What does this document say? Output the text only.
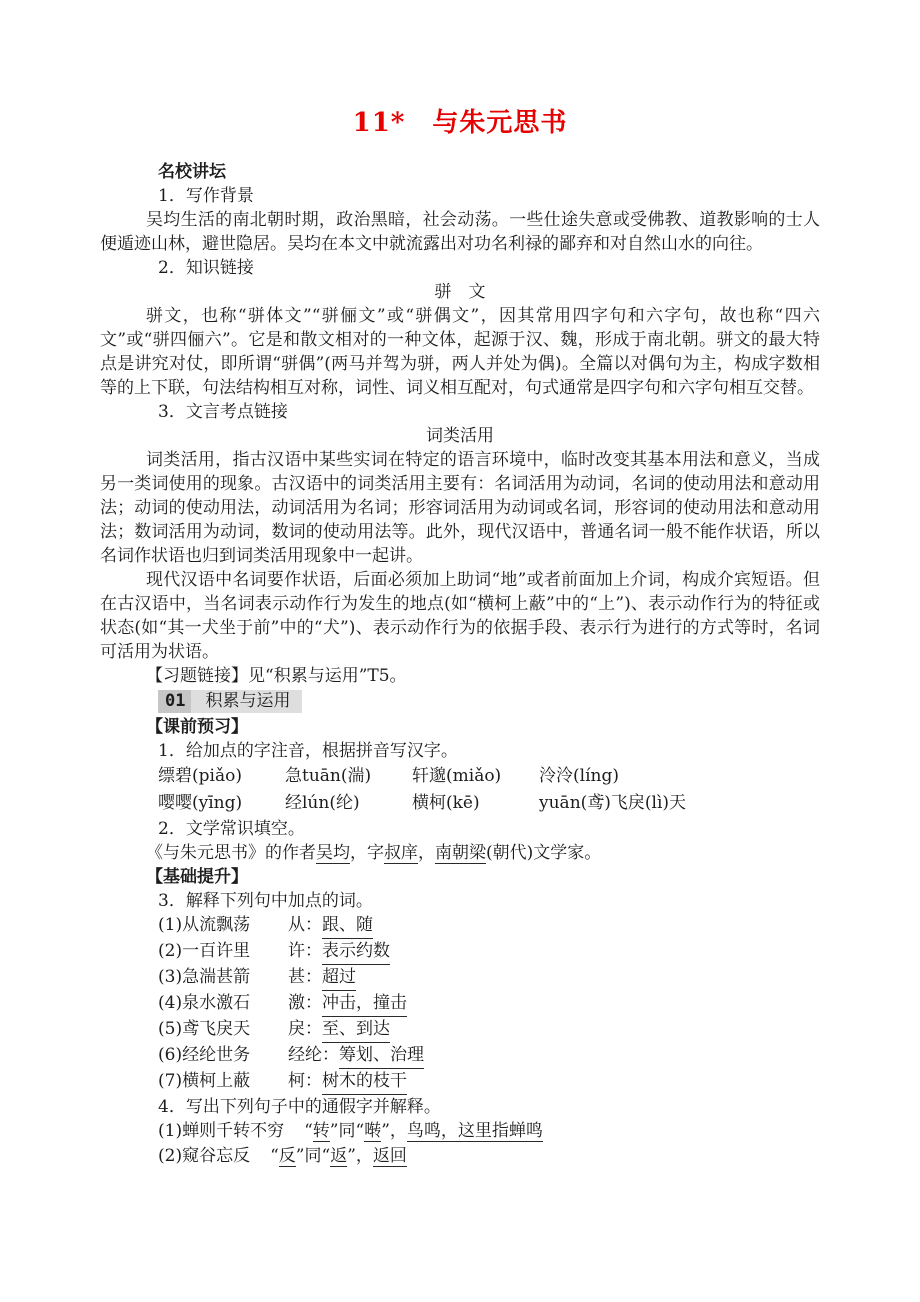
11*　与朱元思书

名校讲坛

1．写作背景

吴均生活的南北朝时期，政治黑暗，社会动荡。一些仕途失意或受佛教、道教影响的士人便遁迹山林，避世隐居。吴均在本文中就流露出对功名利禄的鄙弃和对自然山水的向往。

2．知识链接

骈　文

骈文，也称“骈体文”“骈俪文”或“骈偶文”，因其常用四字句和六字句，故也称“四六文”或“骈四俪六”。它是和散文相对的一种文体，起源于汉、魏，形成于南北朝。骈文的最大特点是讲究对仗，即所谓“骈偶”(两马并驾为骈，两人并处为偶)。全篇以对偶句为主，构成字数相等的上下联，句法结构相互对称，词性、词义相互配对，句式通常是四字句和六字句相互交替。

3．文言考点链接

词类活用

词类活用，指古汉语中某些实词在特定的语言环境中，临时改变其基本用法和意义，当成另一类词使用的现象。古汉语中的词类活用主要有：名词活用为动词，名词的使动用法和意动用法；动词的使动用法，动词活用为名词；形容词活用为动词或名词，形容词的使动用法和意动用法；数词活用为动词，数词的使动用法等。此外，现代汉语中，普通名词一般不能作状语，所以名词作状语也归到词类活用现象中一起讲。

现代汉语中名词要作状语，后面必须加上助词“地”或者前面加上介词，构成介宾短语。但在古汉语中，当名词表示动作行为发生的地点(如“横柯上蔽”中的“上”)、表示动作行为的特征或状态(如“其一犬坐于前”中的“犬”)、表示动作行为的依据手段、表示行为进行的方式等时，名词可活用为状语。

【习题链接】见“积累与运用”T5。

01	积累与运用

【课前预习】

1．给加点的字注音，根据拼音写汉字。

缥碧(piǎo)	急tuān(湍)	轩邈(miǎo)	泠泠(líng)
嘤嘤(yīng)	经lún(纶)	横柯(kē)	yuān(鸢)飞戾(lì)天

2．文学常识填空。

《与朱元思书》的作者吴均，字叔庠，南朝梁(朝代)文学家。

【基础提升】

3．解释下列句中加点的词。

(1)从流飘荡	从： 跟、随
(2)一百许里	许： 表示约数
(3)急湍甚箭	甚： 超过
(4)泉水激石	激： 冲击，撞击
(5)鸢飞戾天	戾： 至、到达
(6)经纶世务	经纶： 筹划、治理
(7)横柯上蔽	柯： 树木的枝干

4．写出下列句子中的通假字并解释。

(1)蝉则千转不穷 “转”同“啭”，鸟鸣，这里指蝉鸣
(2)窥谷忘反 “反”同“返”，返回
